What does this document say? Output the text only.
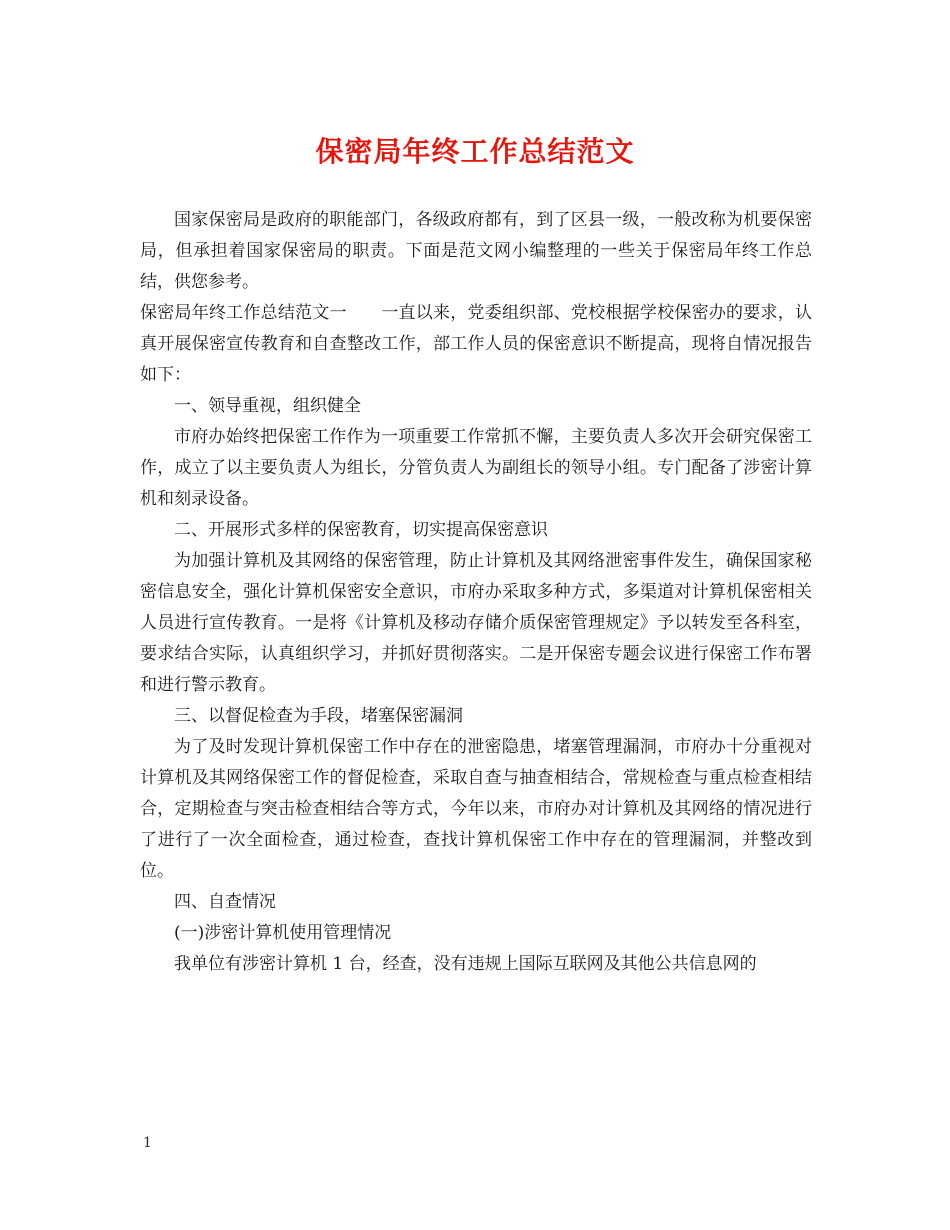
保密局年终工作总结范文

国家保密局是政府的职能部门，各级政府都有，到了区县一级，一般改称为机要保密局，但承担着国家保密局的职责。下面是范文网小编整理的一些关于保密局年终工作总结，供您参考。

保密局年终工作总结范文一　　一直以来，党委组织部、党校根据学校保密办的要求，认真开展保密宣传教育和自查整改工作，部工作人员的保密意识不断提高，现将自情况报告如下：

一、领导重视，组织健全

市府办始终把保密工作作为一项重要工作常抓不懈，主要负责人多次开会研究保密工作，成立了以主要负责人为组长，分管负责人为副组长的领导小组。专门配备了涉密计算机和刻录设备。

二、开展形式多样的保密教育，切实提高保密意识

为加强计算机及其网络的保密管理，防止计算机及其网络泄密事件发生，确保国家秘密信息安全，强化计算机保密安全意识，市府办采取多种方式，多渠道对计算机保密相关人员进行宣传教育。一是将《计算机及移动存储介质保密管理规定》予以转发至各科室，要求结合实际，认真组织学习，并抓好贯彻落实。二是开保密专题会议进行保密工作布署和进行警示教育。

三、以督促检查为手段，堵塞保密漏洞

为了及时发现计算机保密工作中存在的泄密隐患，堵塞管理漏洞，市府办十分重视对计算机及其网络保密工作的督促检查，采取自查与抽查相结合，常规检查与重点检查相结合，定期检查与突击检查相结合等方式，今年以来，市府办对计算机及其网络的情况进行了进行了一次全面检查，通过检查，查找计算机保密工作中存在的管理漏洞，并整改到位。

四、自查情况

(一)涉密计算机使用管理情况

我单位有涉密计算机 1 台，经查，没有违规上国际互联网及其他公共信息网的

1
